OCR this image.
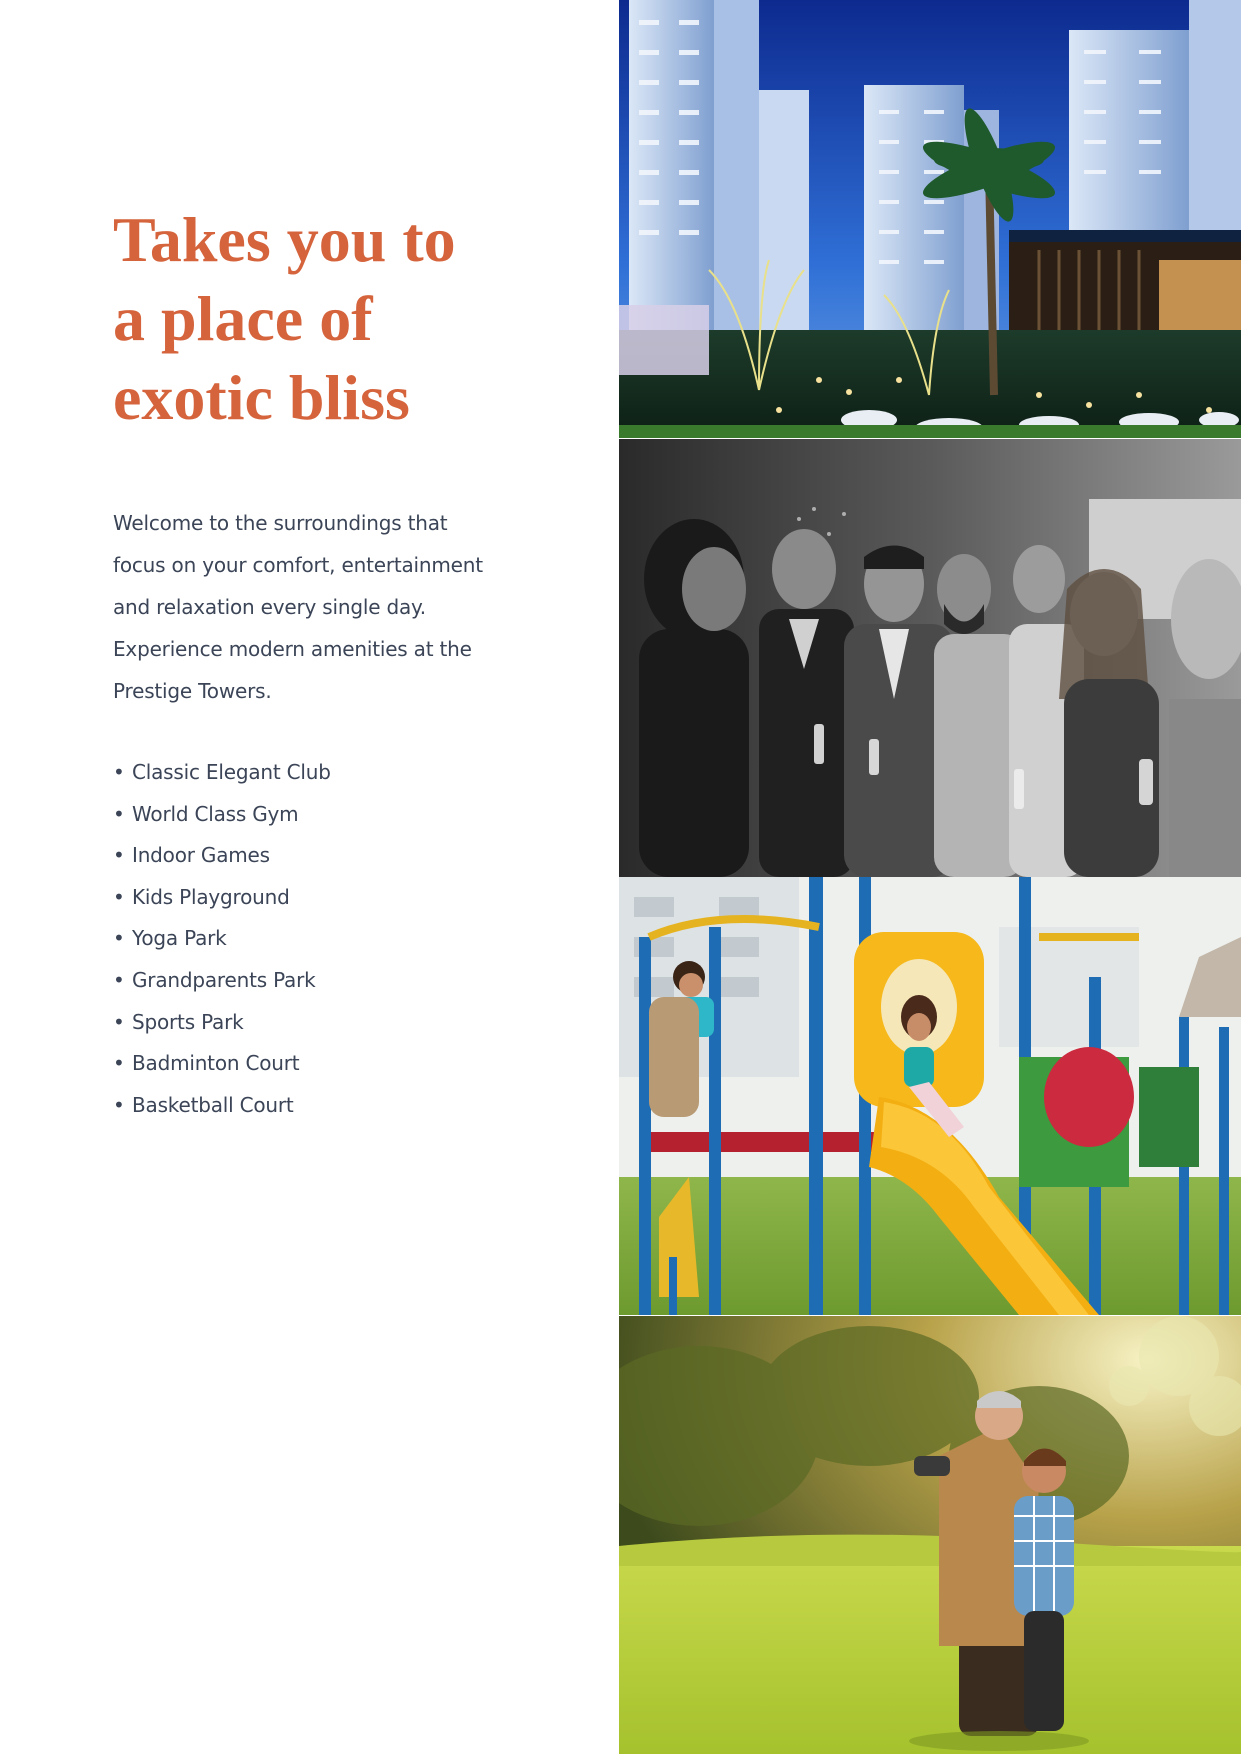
Takes you to
a place of
exotic bliss

Welcome to the surroundings that
focus on your comfort, entertainment
and relaxation every single day.
Experience modern amenities at the
Prestige Towers.

• Classic Elegant Club
• World Class Gym
• Indoor Games
• Kids Playground
• Yoga Park
• Grandparents Park
• Sports Park
• Badminton Court
• Basketball Court
